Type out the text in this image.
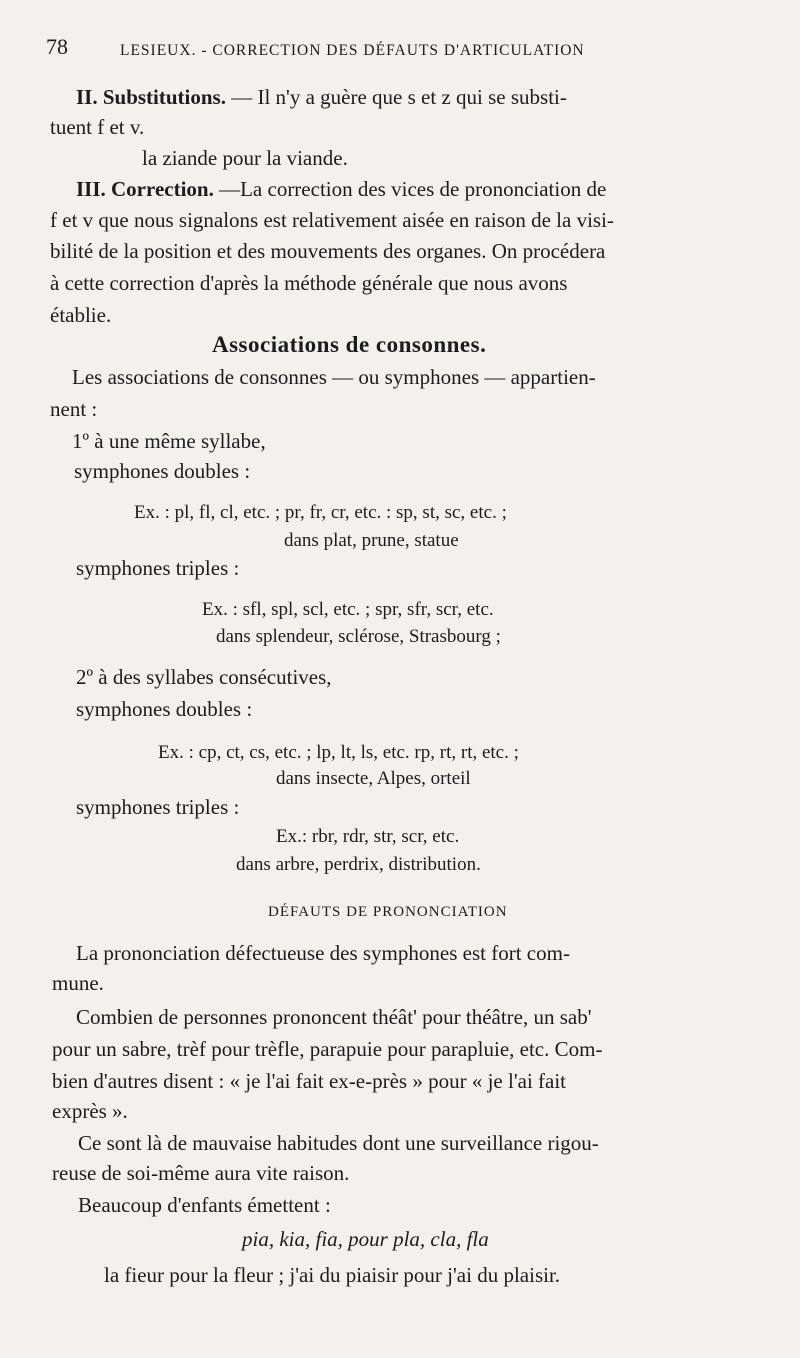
78	LESIEUX. - CORRECTION DES DÉFAUTS D'ARTICULATION
II. Substitutions. — Il n'y a guère que s et z qui se substi-
tuent f et v.
la ziande pour la viande.
III. Correction. —La correction des vices de prononciation de
f et v que nous signalons est relativement aisée en raison de la visi-
bilité de la position et des mouvements des organes. On procédera
à cette correction d'après la méthode générale que nous avons
établie.
Associations de consonnes.
Les associations de consonnes — ou symphones — appartien-
nent :
1º à une même syllabe,
symphones doubles :
Ex. : pl, fl, cl, etc. ; pr, fr, cr, etc. : sp, st, sc, etc. ;
dans plat, prune, statue
symphones triples :
Ex. : sfl, spl, scl, etc. ; spr, sfr, scr, etc.
dans splendeur, sclérose, Strasbourg ;
2º à des syllabes consécutives,
symphones doubles :
Ex. : cp, ct, cs, etc. ; lp, lt, ls, etc. rp, rt, rt, etc. ;
dans insecte, Alpes, orteil
symphones triples :
Ex.: rbr, rdr, str, scr, etc.
dans arbre, perdrix, distribution.
DÉFAUTS DE PRONONCIATION
La prononciation défectueuse des symphones est fort com-
mune.
Combien de personnes prononcent théât' pour théâtre, un sab'
pour un sabre, trèf pour trèfle, parapuie pour parapluie, etc. Com-
bien d'autres disent : « je l'ai fait ex-e-près » pour « je l'ai fait
exprès ».
Ce sont là de mauvaise habitudes dont une surveillance rigou-
reuse de soi-même aura vite raison.
Beaucoup d'enfants émettent :
pia, kia, fia, pour pla, cla, fla
la fieur pour la fleur ; j'ai du piaisir pour j'ai du plaisir.
